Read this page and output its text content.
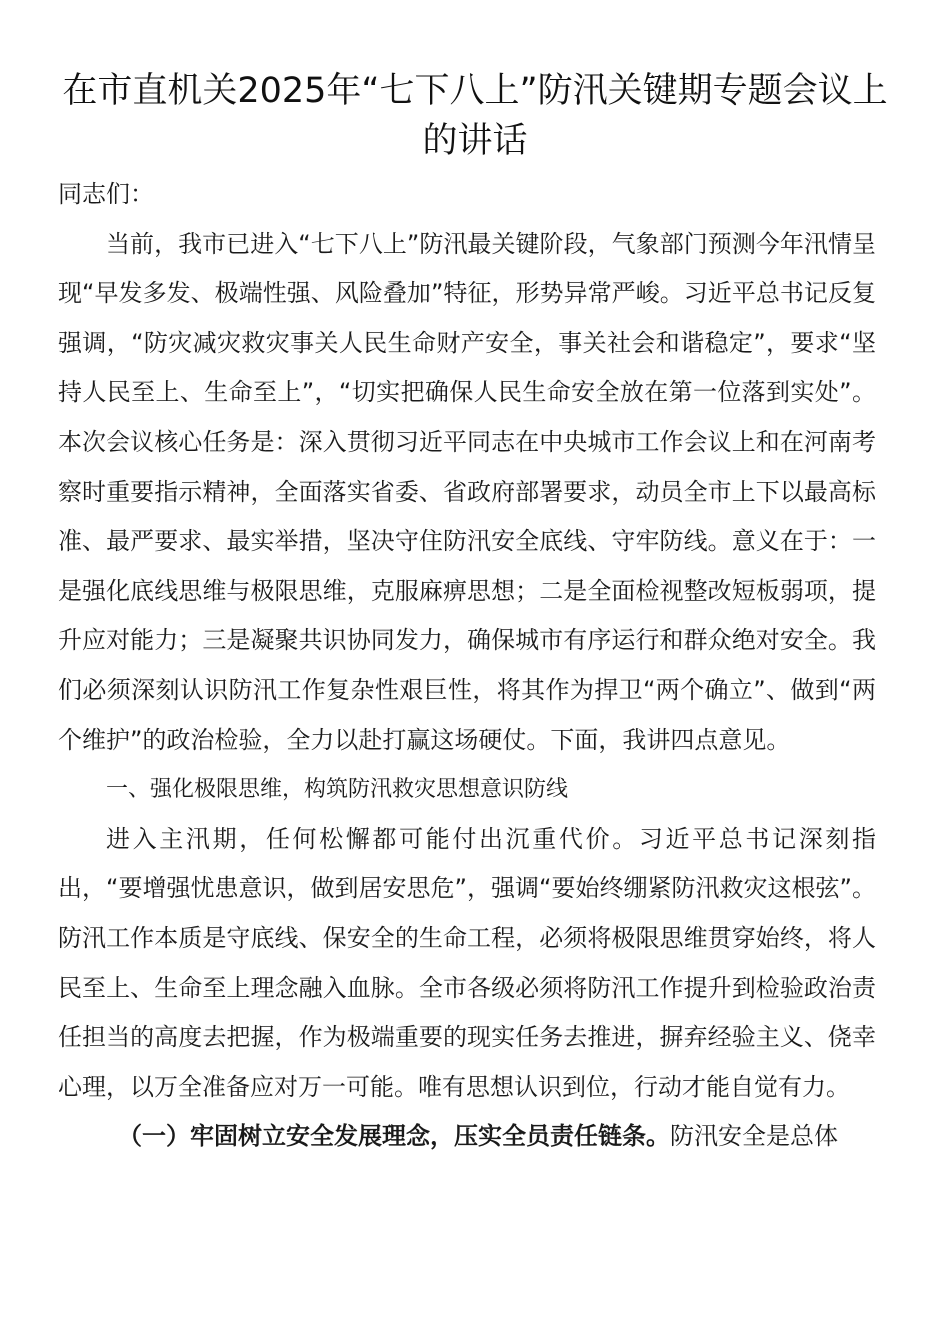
在市直机关2025年“七下八上”防汛关键期专题会议上的讲话

同志们：

当前，我市已进入“七下八上”防汛最关键阶段，气象部门预测今年汛情呈现“早发多发、极端性强、风险叠加”特征，形势异常严峻。习近平总书记反复强调，“防灾减灾救灾事关人民生命财产安全，事关社会和谐稳定”，要求“坚持人民至上、生命至上”，“切实把确保人民生命安全放在第一位落到实处”。本次会议核心任务是：深入贯彻习近平同志在中央城市工作会议上和在河南考察时重要指示精神，全面落实省委、省政府部署要求，动员全市上下以最高标准、最严要求、最实举措，坚决守住防汛安全底线、守牢防线。意义在于：一是强化底线思维与极限思维，克服麻痹思想；二是全面检视整改短板弱项，提升应对能力；三是凝聚共识协同发力，确保城市有序运行和群众绝对安全。我们必须深刻认识防汛工作复杂性艰巨性，将其作为捍卫“两个确立”、做到“两个维护”的政治检验，全力以赴打赢这场硬仗。下面，我讲四点意见。

一、强化极限思维，构筑防汛救灾思想意识防线

进入主汛期，任何松懈都可能付出沉重代价。习近平总书记深刻指出，“要增强忧患意识，做到居安思危”，强调“要始终绷紧防汛救灾这根弦”。防汛工作本质是守底线、保安全的生命工程，必须将极限思维贯穿始终，将人民至上、生命至上理念融入血脉。全市各级必须将防汛工作提升到检验政治责任担当的高度去把握，作为极端重要的现实任务去推进，摒弃经验主义、侥幸心理，以万全准备应对万一可能。唯有思想认识到位，行动才能自觉有力。

（一）牢固树立安全发展理念，压实全员责任链条。防汛安全是总体
